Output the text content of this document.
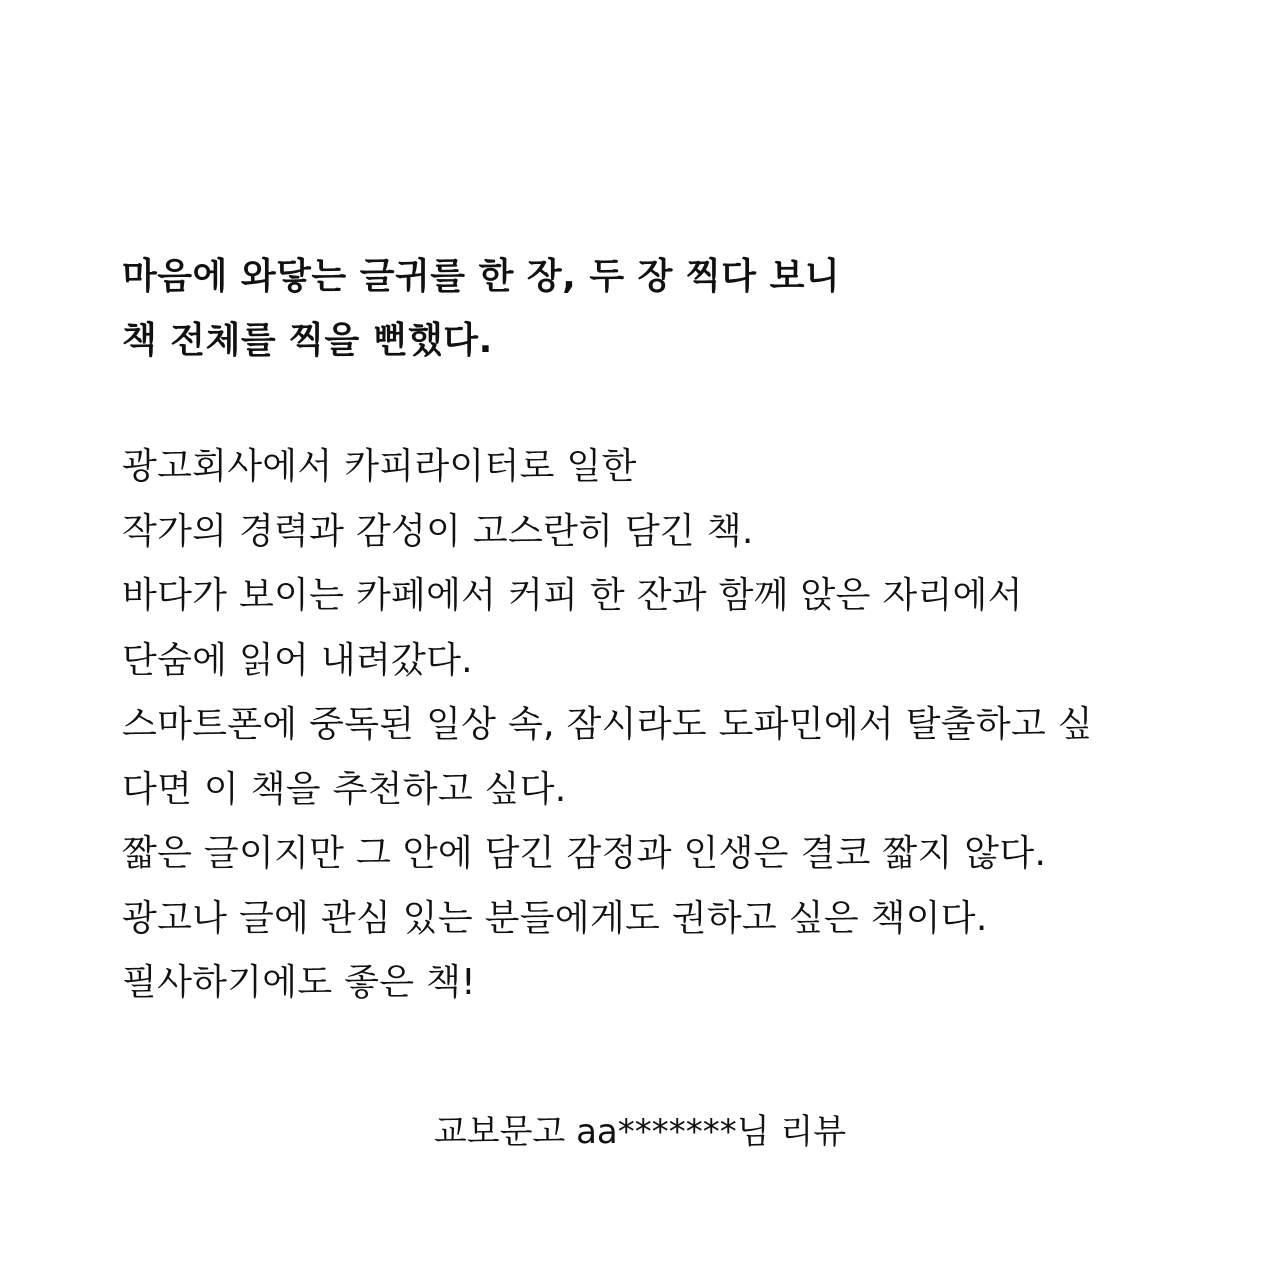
마음에 와닿는 글귀를 한 장, 두 장 찍다 보니
책 전체를 찍을 뻔했다.
광고회사에서 카피라이터로 일한
작가의 경력과 감성이 고스란히 담긴 책.
바다가 보이는 카페에서 커피 한 잔과 함께 앉은 자리에서
단숨에 읽어 내려갔다.
스마트폰에 중독된 일상 속, 잠시라도 도파민에서 탈출하고 싶
다면 이 책을 추천하고 싶다.
짧은 글이지만 그 안에 담긴 감정과 인생은 결코 짧지 않다.
광고나 글에 관심 있는 분들에게도 권하고 싶은 책이다.
필사하기에도 좋은 책!
교보문고 aa*******님 리뷰
